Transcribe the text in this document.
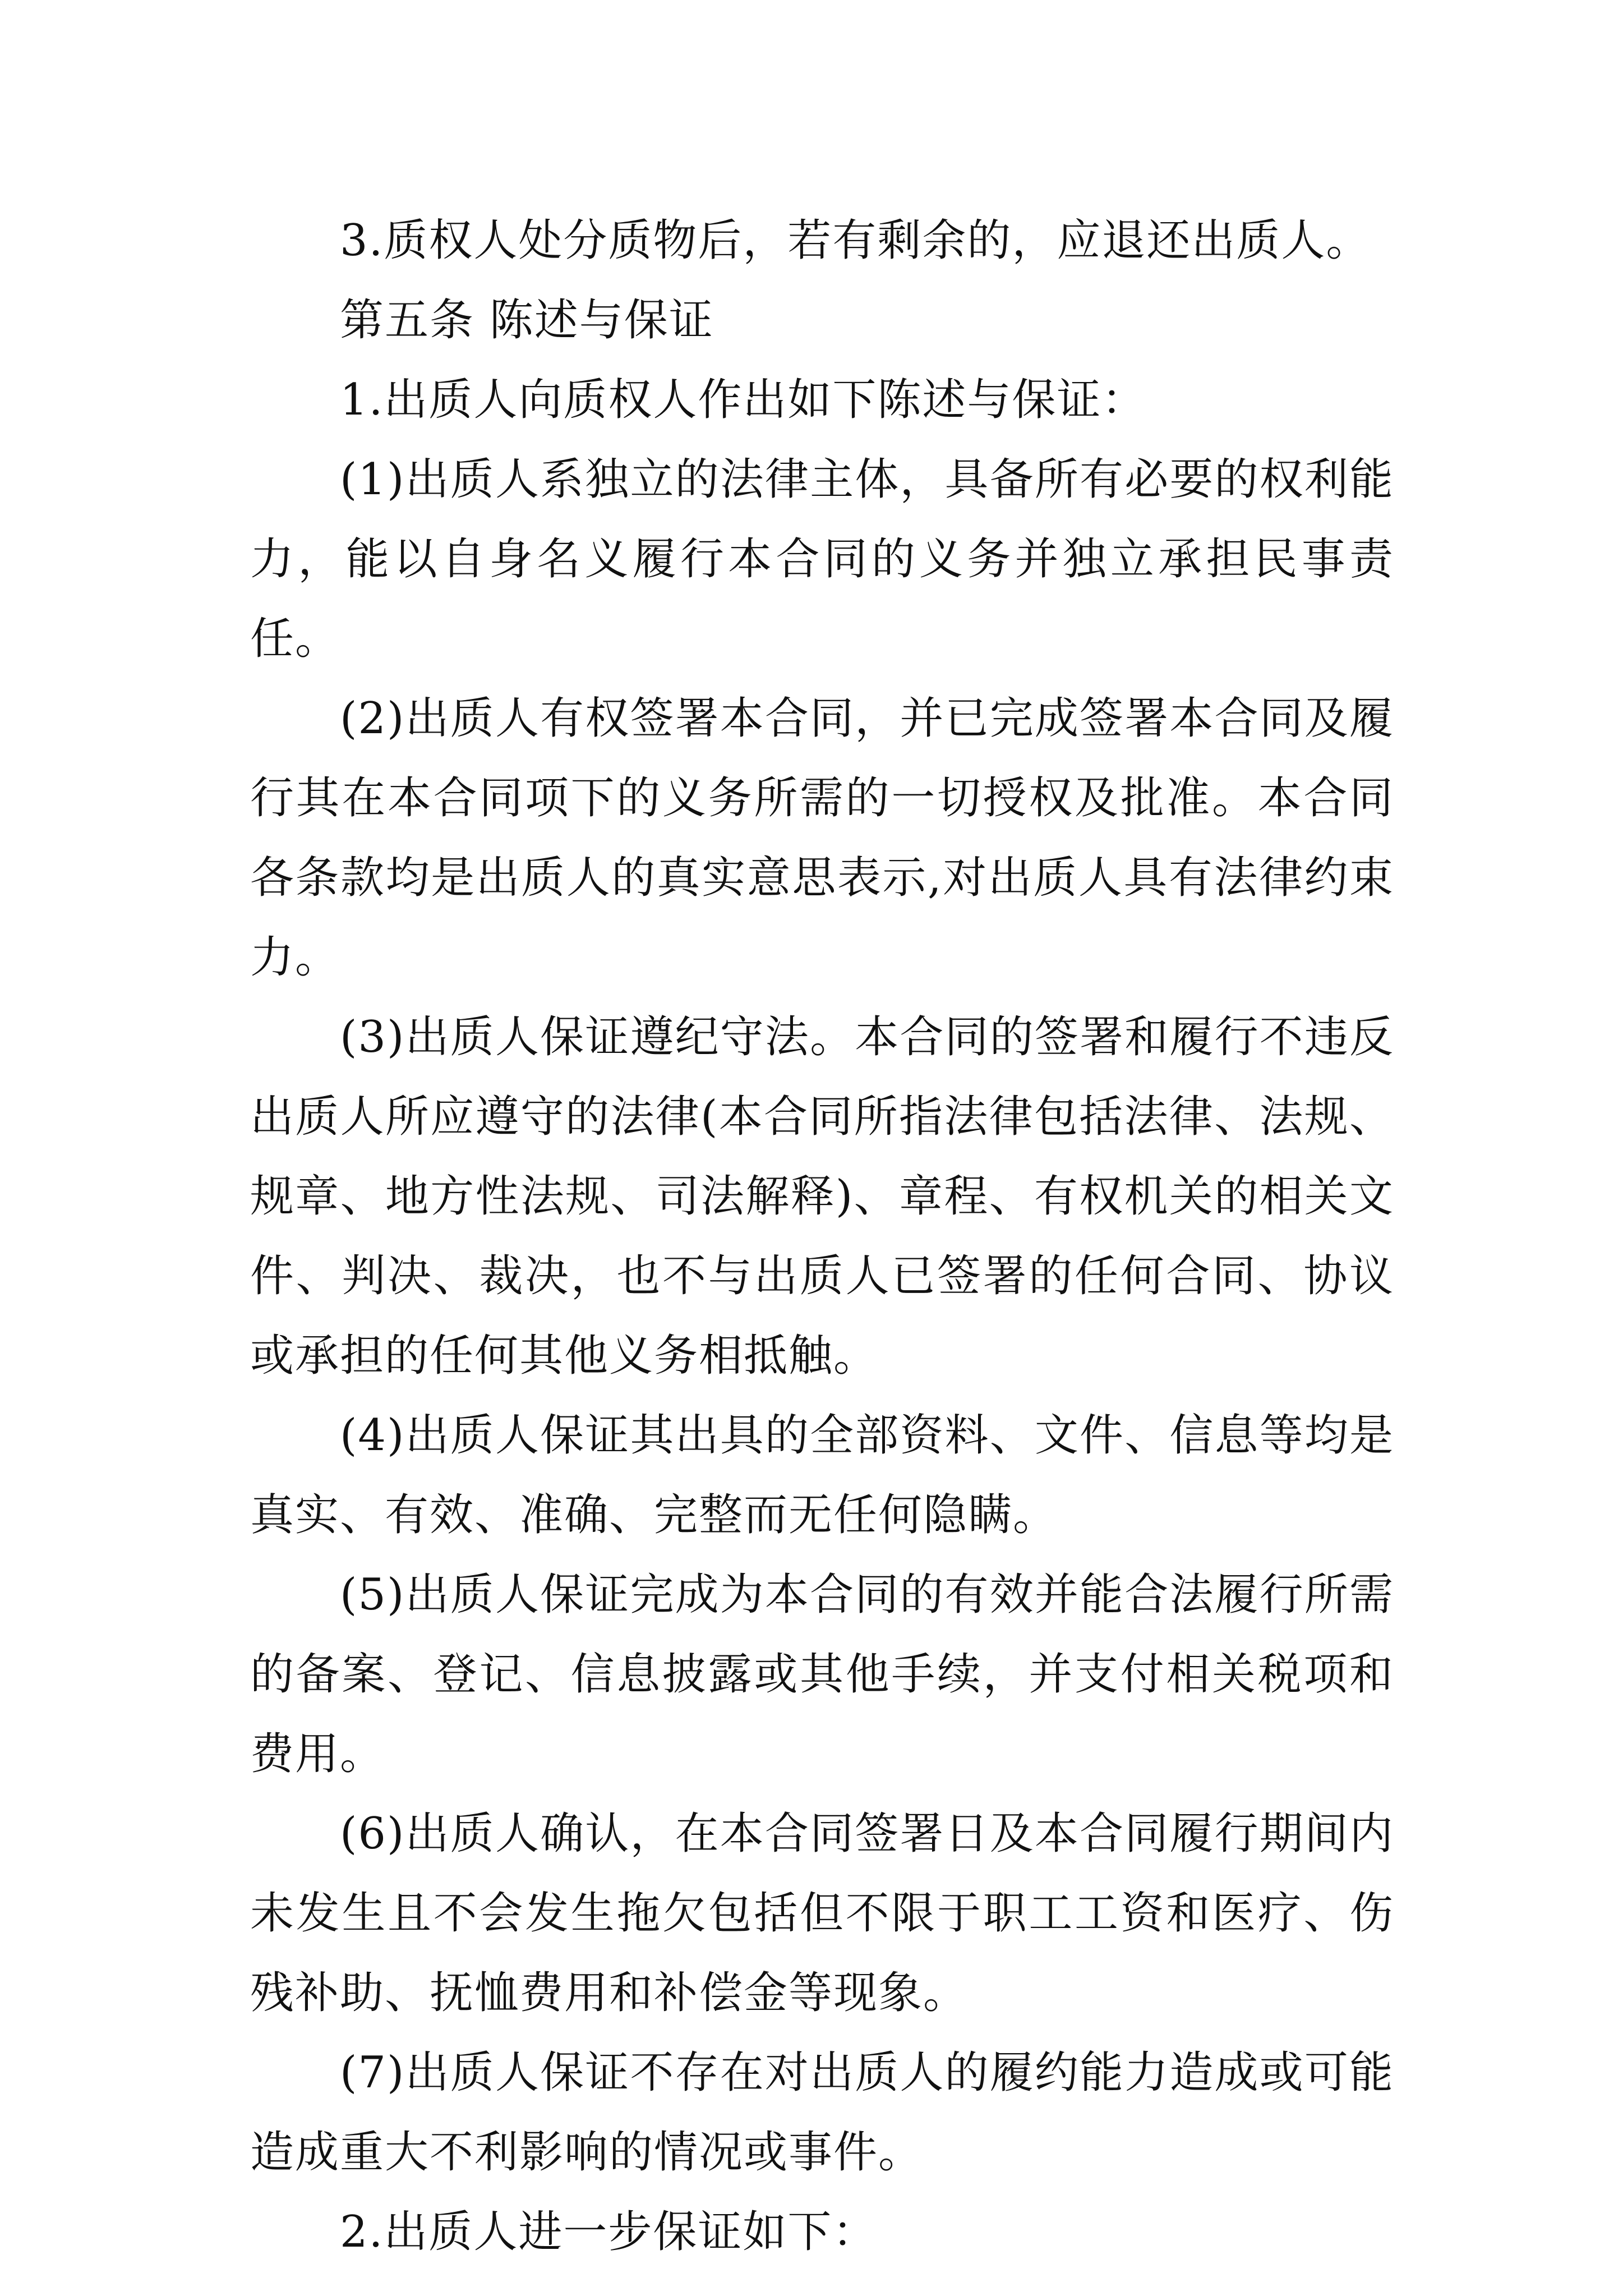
3.质权人处分质物后，若有剩余的，应退还出质人。

第五条 陈述与保证

1.出质人向质权人作出如下陈述与保证：

(1)出质人系独立的法律主体，具备所有必要的权利能力，能以自身名义履行本合同的义务并独立承担民事责任。

(2)出质人有权签署本合同，并已完成签署本合同及履行其在本合同项下的义务所需的一切授权及批准。本合同各条款均是出质人的真实意思表示,对出质人具有法律约束力。

(3)出质人保证遵纪守法。本合同的签署和履行不违反出质人所应遵守的法律(本合同所指法律包括法律、法规、规章、地方性法规、司法解释)、章程、有权机关的相关文件、判决、裁决，也不与出质人已签署的任何合同、协议或承担的任何其他义务相抵触。

(4)出质人保证其出具的全部资料、文件、信息等均是真实、有效、准确、完整而无任何隐瞒。

(5)出质人保证完成为本合同的有效并能合法履行所需的备案、登记、信息披露或其他手续，并支付相关税项和费用。

(6)出质人确认，在本合同签署日及本合同履行期间内未发生且不会发生拖欠包括但不限于职工工资和医疗、伤残补助、抚恤费用和补偿金等现象。

(7)出质人保证不存在对出质人的履约能力造成或可能造成重大不利影响的情况或事件。

2.出质人进一步保证如下：
